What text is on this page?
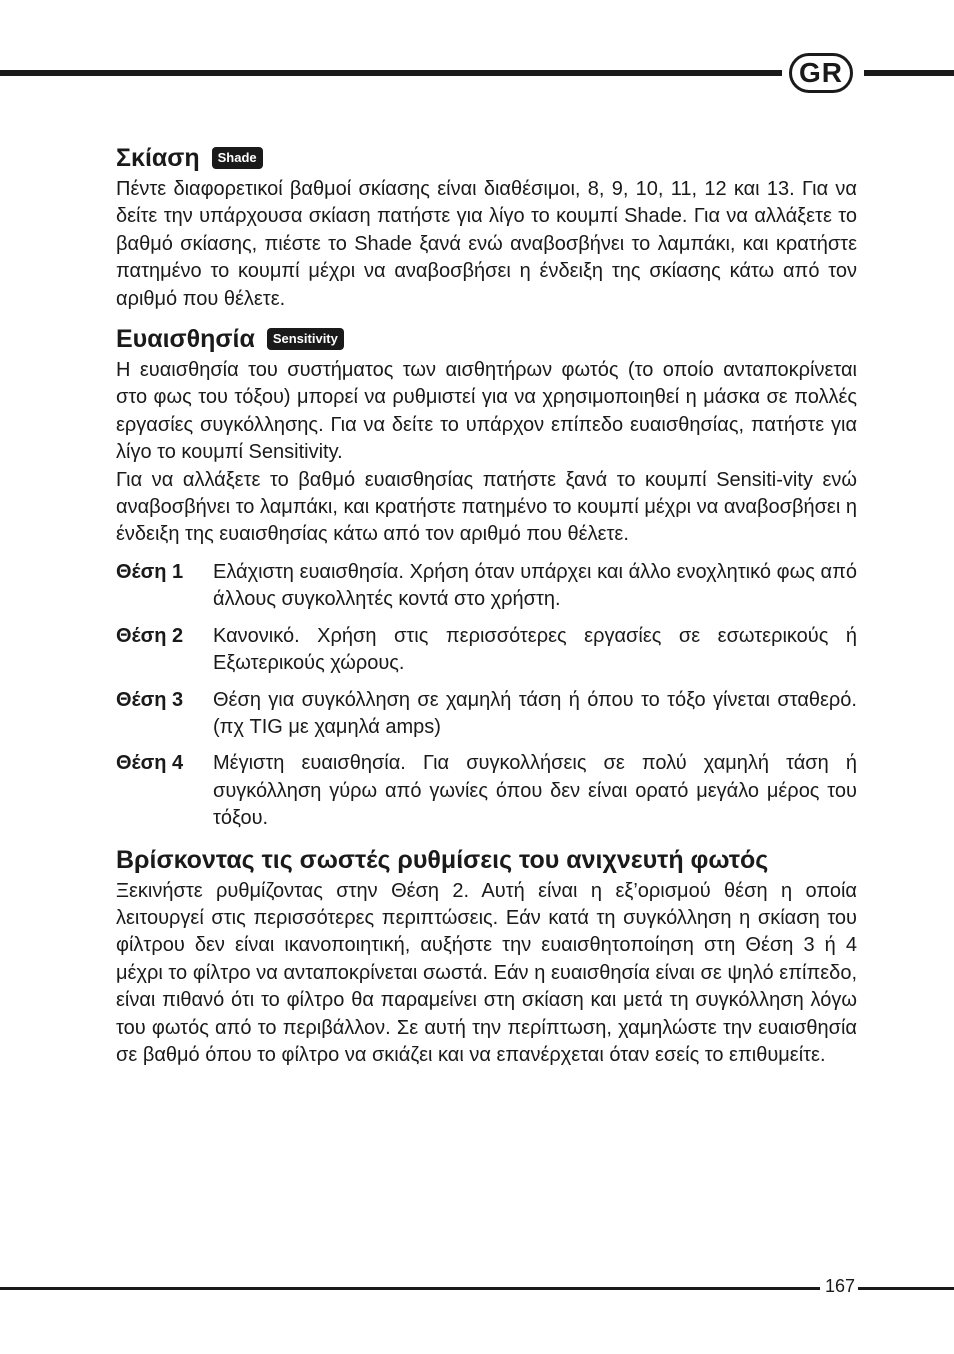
GR
Σκίαση	Shade

Πέντε διαφορετικοί βαθμοί σκίασης είναι διαθέσιμοι, 8, 9, 10, 11, 12 και 13. Για να δείτε την υπάρχουσα σκίαση πατήστε για λίγο το κουμπί Shade. Για να αλλάξετε το βαθμό σκίασης, πιέστε το Shade ξανά ενώ αναβοσβήνει το λαμπάκι, και κρατήστε πατημένο το κουμπί μέχρι να αναβοσβήσει η ένδειξη της σκίασης κάτω από τον αριθμό που θέλετε.

Ευαισθησία	Sensitivity

Η ευαισθησία του συστήματος των αισθητήρων φωτός (το οποίο ανταποκρίνεται στο φως του τόξου) μπορεί να ρυθμιστεί για να χρησιμοποιηθεί η μάσκα σε πολλές εργασίες συγκόλλησης. Για να δείτε το υπάρχον επίπεδο ευαισθησίας, πατήστε για λίγο το κουμπί Sensitivity.

Για να αλλάξετε το βαθμό ευαισθησίας πατήστε ξανά το κουμπί Sensiti-vity ενώ αναβοσβήνει το λαμπάκι, και κρατήστε πατημένο το κουμπί μέχρι να αναβοσβήσει η ένδειξη της ευαισθησίας κάτω από τον αριθμό που θέλετε.

Θέση 1	Ελάχιστη ευαισθησία. Χρήση όταν υπάρχει και άλλο ενοχλητικό φως από άλλους συγκολλητές κοντά στο χρήστη.
Θέση 2	Κανονικό. Χρήση στις περισσότερες εργασίες σε εσωτερικούς ή Εξωτερικούς χώρους.
Θέση 3	Θέση για συγκόλληση σε χαμηλή τάση ή όπου το τόξο γίνεται σταθερό. (πχ TIG με χαμηλά amps)
Θέση 4	Μέγιστη ευαισθησία. Για συγκολλήσεις σε πολύ χαμηλή τάση ή συγκόλληση γύρω από γωνίες όπου δεν είναι ορατό μεγάλο μέρος του τόξου.
Βρίσκοντας τις σωστές ρυθμίσεις του ανιχνευτή φωτός

Ξεκινήστε ρυθμίζοντας στην Θέση 2. Αυτή είναι η εξ’ορισμού θέση η οποία λειτουργεί στις περισσότερες περιπτώσεις. Εάν κατά τη συγκόλληση η σκίαση του φίλτρου δεν είναι ικανοποιητική, αυξήστε την ευαισθητοποίηση στη Θέση 3 ή 4 μέχρι το φίλτρο να ανταποκρίνεται σωστά. Εάν η ευαισθησία είναι σε ψηλό επίπεδο, είναι πιθανό ότι το φίλτρο θα παραμείνει στη σκίαση και μετά τη συγκόλληση λόγω του φωτός από το περιβάλλον. Σε αυτή την περίπτωση, χαμηλώστε την ευαισθησία σε βαθμό όπου το φίλτρο να σκιάζει και να επανέρχεται όταν εσείς το επιθυμείτε.

167
